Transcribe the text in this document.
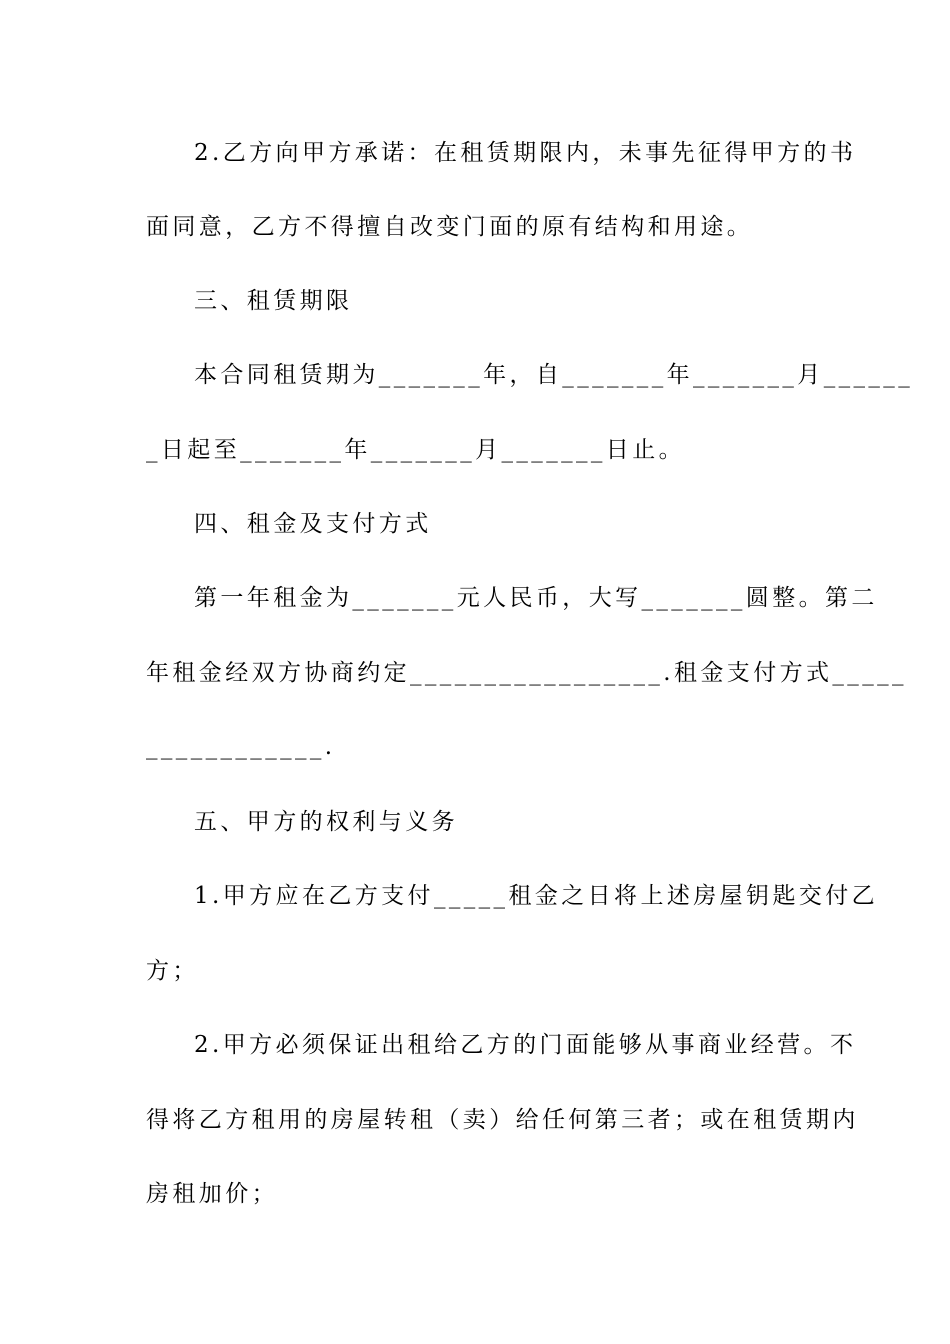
2.乙方向甲方承诺：在租赁期限内，未事先征得甲方的书
面同意，乙方不得擅自改变门面的原有结构和用途。
三、租赁期限
本合同租赁期为_______年，自_______年_______月______
_日起至_______年_______月_______日止。
四、租金及支付方式
第一年租金为_______元人民币，大写_______圆整。第二
年租金经双方协商约定_________________.租金支付方式_____
____________.
五、甲方的权利与义务
1.甲方应在乙方支付_____租金之日将上述房屋钥匙交付乙
方；
2.甲方必须保证出租给乙方的门面能够从事商业经营。不
得将乙方租用的房屋转租（卖）给任何第三者；或在租赁期内
房租加价；
